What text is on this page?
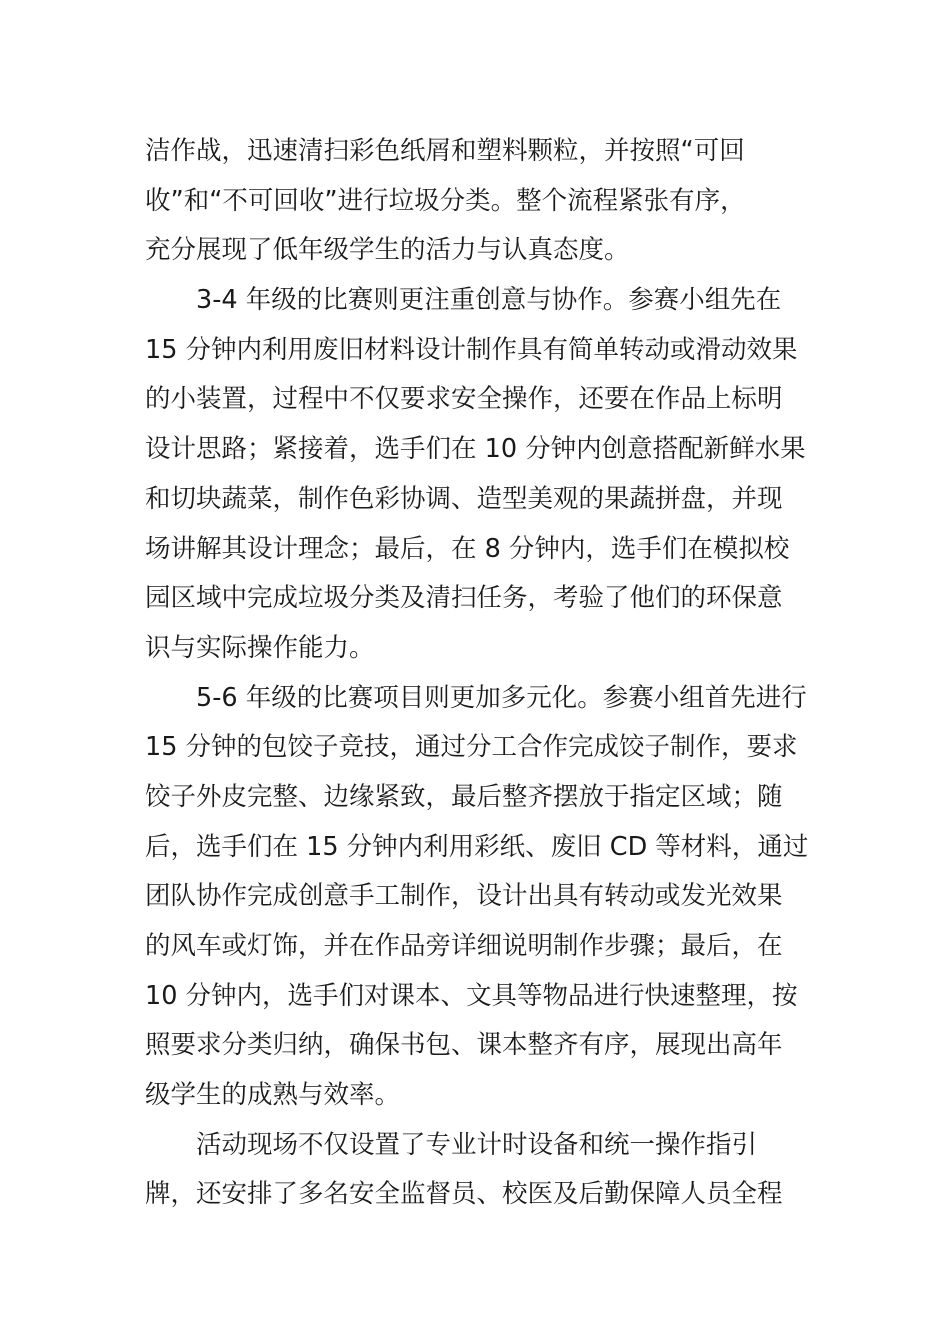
洁作战，迅速清扫彩色纸屑和塑料颗粒，并按照“可回
收”和“不可回收”进行垃圾分类。整个流程紧张有序，
充分展现了低年级学生的活力与认真态度。
3-4 年级的比赛则更注重创意与协作。参赛小组先在
15 分钟内利用废旧材料设计制作具有简单转动或滑动效果
的小装置，过程中不仅要求安全操作，还要在作品上标明
设计思路；紧接着，选手们在 10 分钟内创意搭配新鲜水果
和切块蔬菜，制作色彩协调、造型美观的果蔬拼盘，并现
场讲解其设计理念；最后，在 8 分钟内，选手们在模拟校
园区域中完成垃圾分类及清扫任务，考验了他们的环保意
识与实际操作能力。
5-6 年级的比赛项目则更加多元化。参赛小组首先进行
15 分钟的包饺子竞技，通过分工合作完成饺子制作，要求
饺子外皮完整、边缘紧致，最后整齐摆放于指定区域；随
后，选手们在 15 分钟内利用彩纸、废旧 CD 等材料，通过
团队协作完成创意手工制作，设计出具有转动或发光效果
的风车或灯饰，并在作品旁详细说明制作步骤；最后，在
10 分钟内，选手们对课本、文具等物品进行快速整理，按
照要求分类归纳，确保书包、课本整齐有序，展现出高年
级学生的成熟与效率。
活动现场不仅设置了专业计时设备和统一操作指引
牌，还安排了多名安全监督员、校医及后勤保障人员全程
